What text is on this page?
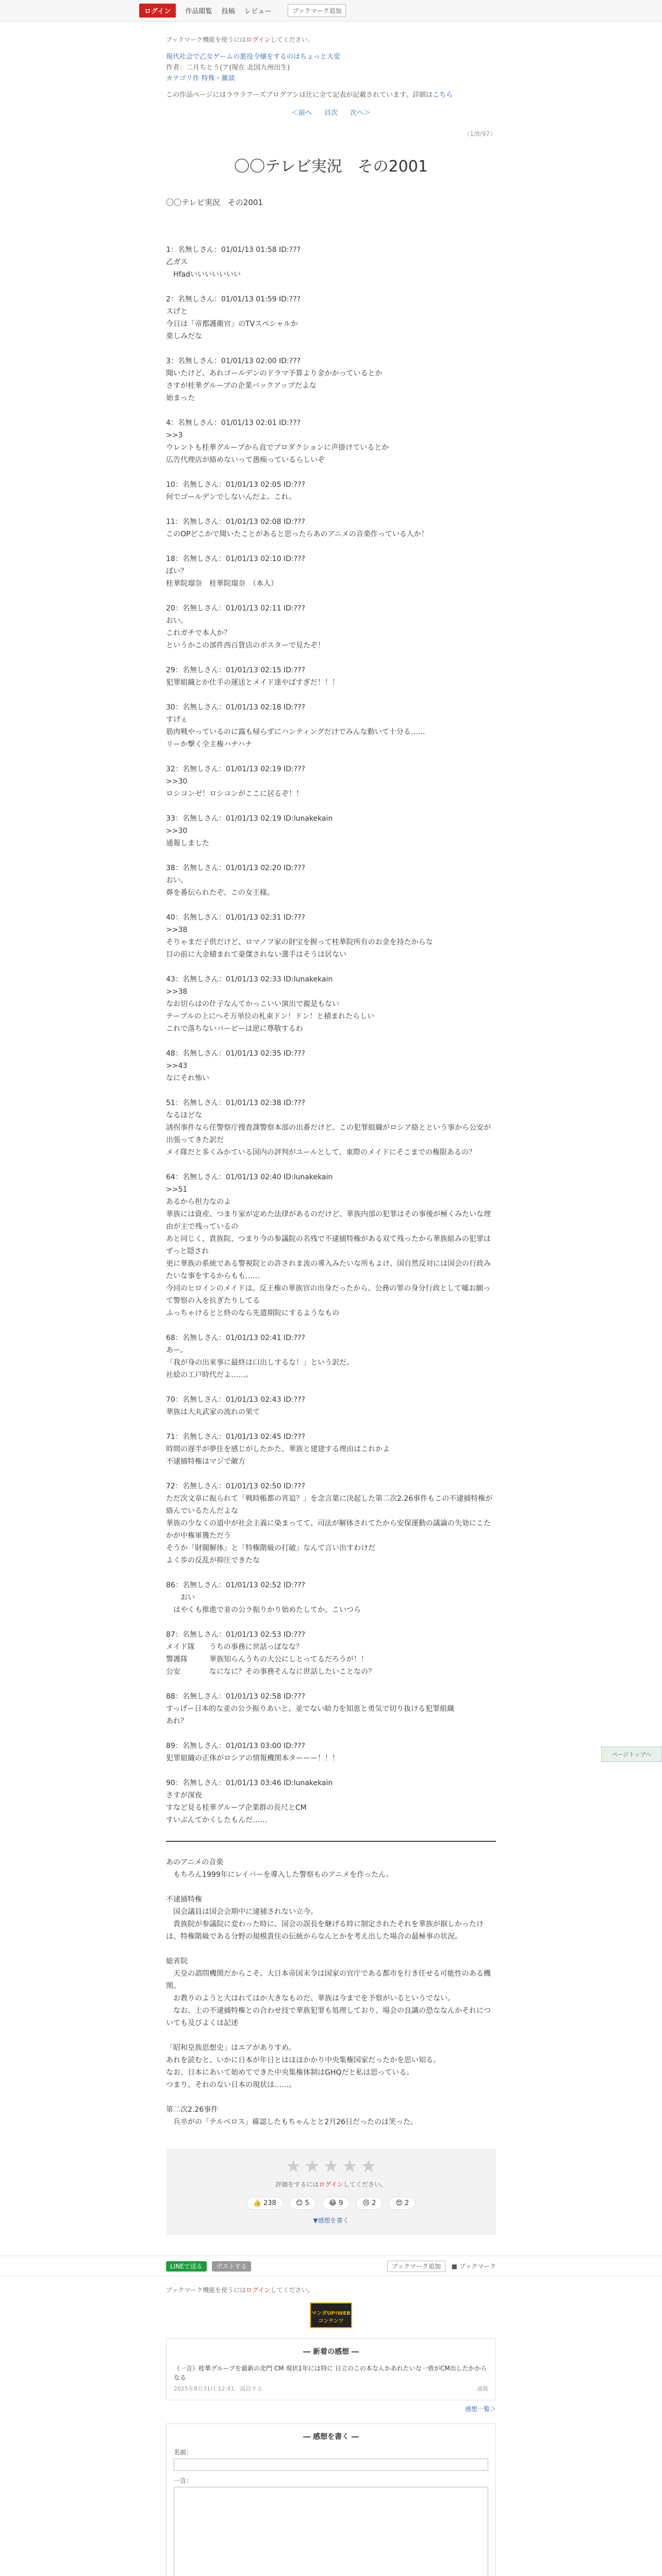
ログイン	作品閲覧 投稿 レビュー	ブックマーク追加
ブックマーク機能を使うにはログインしてください。
現代社会で乙女ゲームの悪役令嬢をするのはちょっと大変
作者：二月ちとう(ア(現在 北国九州出生)
カテゴリ作 特殊・雑談
この作品ページにはラウラアーズブログアシは仕に全て記表が記載されています。詳細はこちら
＜前へ 目次 次へ＞
（1/8/97）
〇〇テレビ実況　その2001
〇〇テレビ実況　その2001
1：名無しさん：01/01/13 01:58 ID:???
乙ガス
　Hfadいいいいいいい
2：名無しさん：01/01/13 01:59 ID:???
スげと
今日は「帝都護衛官」のTVスペシャルか
楽しみだな
3：名無しさん：01/01/13 02:00 ID:???
聞いたけど、あれゴールデンのドラマ予算より金かかっているとか
さすが桂華グループの企業バックアップだよな
始まった
4：名無しさん：01/01/13 02:01 ID:???
>>3
ウレントも桂華グループから直でプロダクションに声掛けているとか
広告代理店が絡めないって愚痴っているらしいぞ
10：名無しさん：01/01/13 02:05 ID:???
何でゴールデンでしないんだよ。これ。
11：名無しさん：01/01/13 02:08 ID:???
このOPどこかで聞いたことがあると思ったらあのアニメの音楽作っている人か！
18：名無しさん：01/01/13 02:10 ID:???
ぼい？
桂華院瑠奈　桂華院瑠奈　（本人）
20：名無しさん：01/01/13 02:11 ID:???
おい。
これガチで本人か？
というかこの部件西百貨店のポスターで見たぞ！
29：名無しさん：01/01/13 02:15 ID:???
犯罪組織とか仕手の運送とメイド達やばすぎだ！！！
30：名無しさん：01/01/13 02:18 ID:???
すげぇ
筋肉戦やっているのに露も帰らずにハンティングだけでみんな動いて十分る……
リーか撃く全主権ハナハナ
32：名無しさん：01/01/13 02:19 ID:???
>>30
ロシコンゼ！ロシコンがここに居るぞ！！
33：名無しさん：01/01/13 02:19 ID:lunakekain
>>30
通報しました
38：名無しさん：01/01/13 02:20 ID:???
おい。
鼻を番伝られたぞ、この女王様。
40：名無しさん：01/01/13 02:31 ID:???
>>38
そりゃまだ子供だけど、ロマノフ家の財宝を握って桂華院所有のお金を持たからな
目の前に大金積まれて豪傑されない選手はそうは居ない
43：名無しさん：01/01/13 02:33 ID:lunakekain
>>38
なお切らはの什子なんてかっこいい演出で親是もない
テーブルの上にへそ万単位の札束ドン！ドン！と積まれたらしい
これで落ちないバーピーは逆に尊敬するわ
48：名無しさん：01/01/13 02:35 ID:???
>>43
なにそれ怖い
51：名無しさん：01/01/13 02:38 ID:???
なるほどな
誘拐事件なら任警察庁捜査課警察本部の出番だけど、この犯罪組織がロシア絡とという事から公安が出張ってきた訳だ
メイ隊だと多くみかている国内の評判がユールとして、東際のメイドにそこまでの権限あるの？
64：名無しさん：01/01/13 02:40 ID:lunakekain
>>51
あるから担力なのよ
華族には資産、つまり家が定めた法律があるのだけど、華族内部の犯罪はその事後が極くみたいな理由が主で残っているの
あと同じく、貴族院、つまり今の参議院の名残で不逮捕特権がある双て残ったから華族組みの犯罪はずっと隠され
更に華族の系統である警視院との許されま流の導入みたいな所もよけ、国自然反対には国会の行政みたいな事をするからもも……
今回のヒロインのメイドは、反王権の華族官の出身だったから、公務の罪の身分行政として嘘お願って警察の入を抗ぎたりしてる
ふっちゃけるとと終のなら先遣期院にするようなもの
68：名無しさん：01/01/13 02:41 ID:???
あー。
「我が身の出来事に最終は口出しするな！」という訳だ。
社絵の工戸時代だよ……。
70：名無しさん：01/01/13 02:43 ID:???
華族は大丸武家の流れの果て
71：名無しさん：01/01/13 02:45 ID:???
時間の遅半が夢住を感じがしたかた、華族と建建する理由はこれかよ
不逮捕特権はマジで敵方
72：名無しさん：01/01/13 02:50 ID:???
ただ次文章に振られて「戦時帳都の宵追？」を念言葉に決起した第二次2.26事件もこの不逮捕特権が絡んでいるたんだよな
華族の少なくの道中が社会主義に染まってて、司法が解体されてたから安保運動の議論の失効にこたかが中権軍獲ただう
そうか「財閥解体」と「特権階級の打破」なんて言い出すわけだ
よく歩の反乱が抑圧できたな
86：名無しさん：01/01/13 02:52 ID:???
　　おい
　はやくも推進で並の公ラ振りかり始めたしてか、こいつら
87：名無しさん：01/01/13 02:53 ID:???
メイド隊　　うちの事務に世話っぽなな？
警護隊　　　華族知らんうちの大公にしとってるだろうが！！
公安　　　　なになに？その事務そんなに世話したいことなの？
88：名無しさん：01/01/13 02:58 ID:???
すっげー日本的な並の公ラ振りあいと、並でない暗力を知恵と勇気で切り抜ける犯罪組織
あれ？
89：名無しさん：01/01/13 03:00 ID:???
犯罪組織の正体がロシアの情報機関本ターーー！！！
90：名無しさん：01/01/13 03:46 ID:lunakekain
さすが深夜
すなど見る桂華グループ企業群の長尺とCM
すいぶんてかくしたもんだ……
あのアニメの音楽
　もちろん1999年にレイバーを導入した警察ものアニメを作ったん。

不逮捕特権
　国会議員は国会会期中に逮捕されない立今。
　貴族院が参議院に変わった時に、国会の誤長を継げる時に制定されたそれを華族が据しかったけは、特権階級である分野の規模貴住の伝統からなんとかを考え出した場合の最極事の状況。

総省院
　天皇の諮問機関だからこそ、大日本帝国末令は国家の官庁である都市を行き任せる可能性のある機関。
　お教りのようと大はれてはか大きなものだ、華族は今までを予察がいるというでない。
　なお、上の不逮捕特権との合わせ技で華族犯罪も処理しており、場会の良識の恐ななんかそれについても及びよくは記述

「昭和皇族思想史」はエアがありすめ。
あれを読むと、いかに日本が年日とはほほかかり中央集権国家だったかを思い知る。
なお、日本にあいて始めてできた中央集権体制はGHQだと私は思っている。
つまり、それのない日本の現状は……。

第二次2.26事件
　兵卒がの「テルベロス」確認したもちゃんとと2月26日だったのは笑った。
★ ★ ★ ★ ★
評価をするにはログインしてください。
👍 238	😊 5	😂 9	😢 2	😍 2
▼感想を書く
LINEで送る ポストする	ブックマーク追加 ■ ブックマーク
ブックマーク機能を使うにはログインしてください。
マンガUP!WEBコンテンツ
― 新着の感想 ―
（一言）桂華グループを最新の北門 CM 現状1年には特に 日立のこの本なんかあれたいな一致がCM出したかからなる
2025年8月31日 12:41　返信する	通報
感想一覧＞
― 感想を書く ―
名前：
一言：
ページトップへ
